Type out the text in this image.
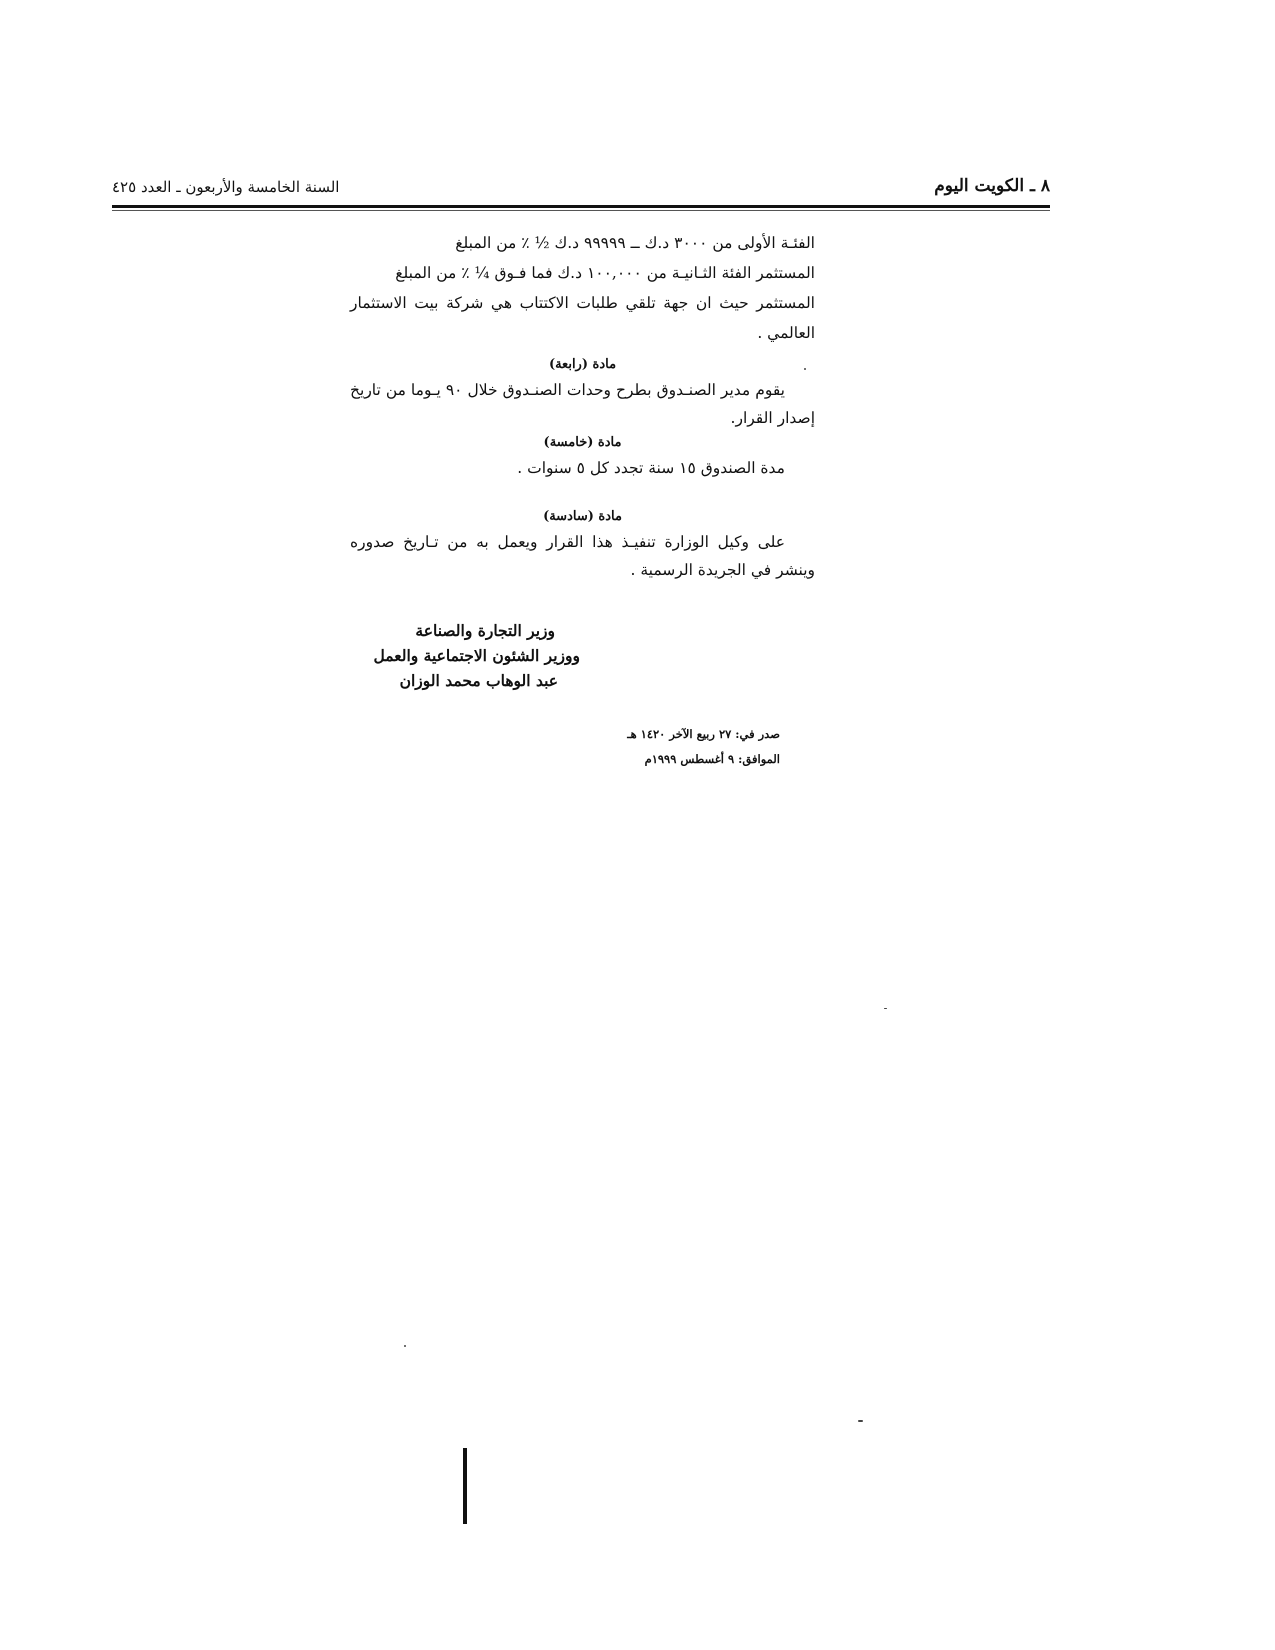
السنة الخامسة والأربعون ـ العدد ٤٢٥	٨ ـ الكويت اليوم

الفئـة الأولى من ٣٠٠٠ د.ك ــ ٩٩٩٩٩ د.ك ½ ٪ من المبلغ

المستثمر الفئة الثـانيـة من ١٠٠,٠٠٠ د.ك فما فـوق ¼ ٪ من المبلغ

المستثمر حيث ان جهة تلقي طلبات الاكتتاب هي شركة بيت الاستثمار العالمي .

مادة (رابعة)

يقوم مدير الصنـدوق بطرح وحدات الصنـدوق خلال ٩٠ يـوما من تاريخ إصدار القرار.

مادة (خامسة)

مدة الصندوق ١٥ سنة تجدد كل ٥ سنوات .

مادة (سادسة)

على وكيل الوزارة تنفيـذ هذا القرار ويعمل به من تـاريخ صدوره وينشر في الجريدة الرسمية .

وزير التجارة والصناعة
ووزير الشئون الاجتماعية والعمل
عبد الوهاب محمد الوزان
صدر في: ٢٧ ربيع الآخر ١٤٢٠ هـ
الموافق: ٩ أغسطس ١٩٩٩م
